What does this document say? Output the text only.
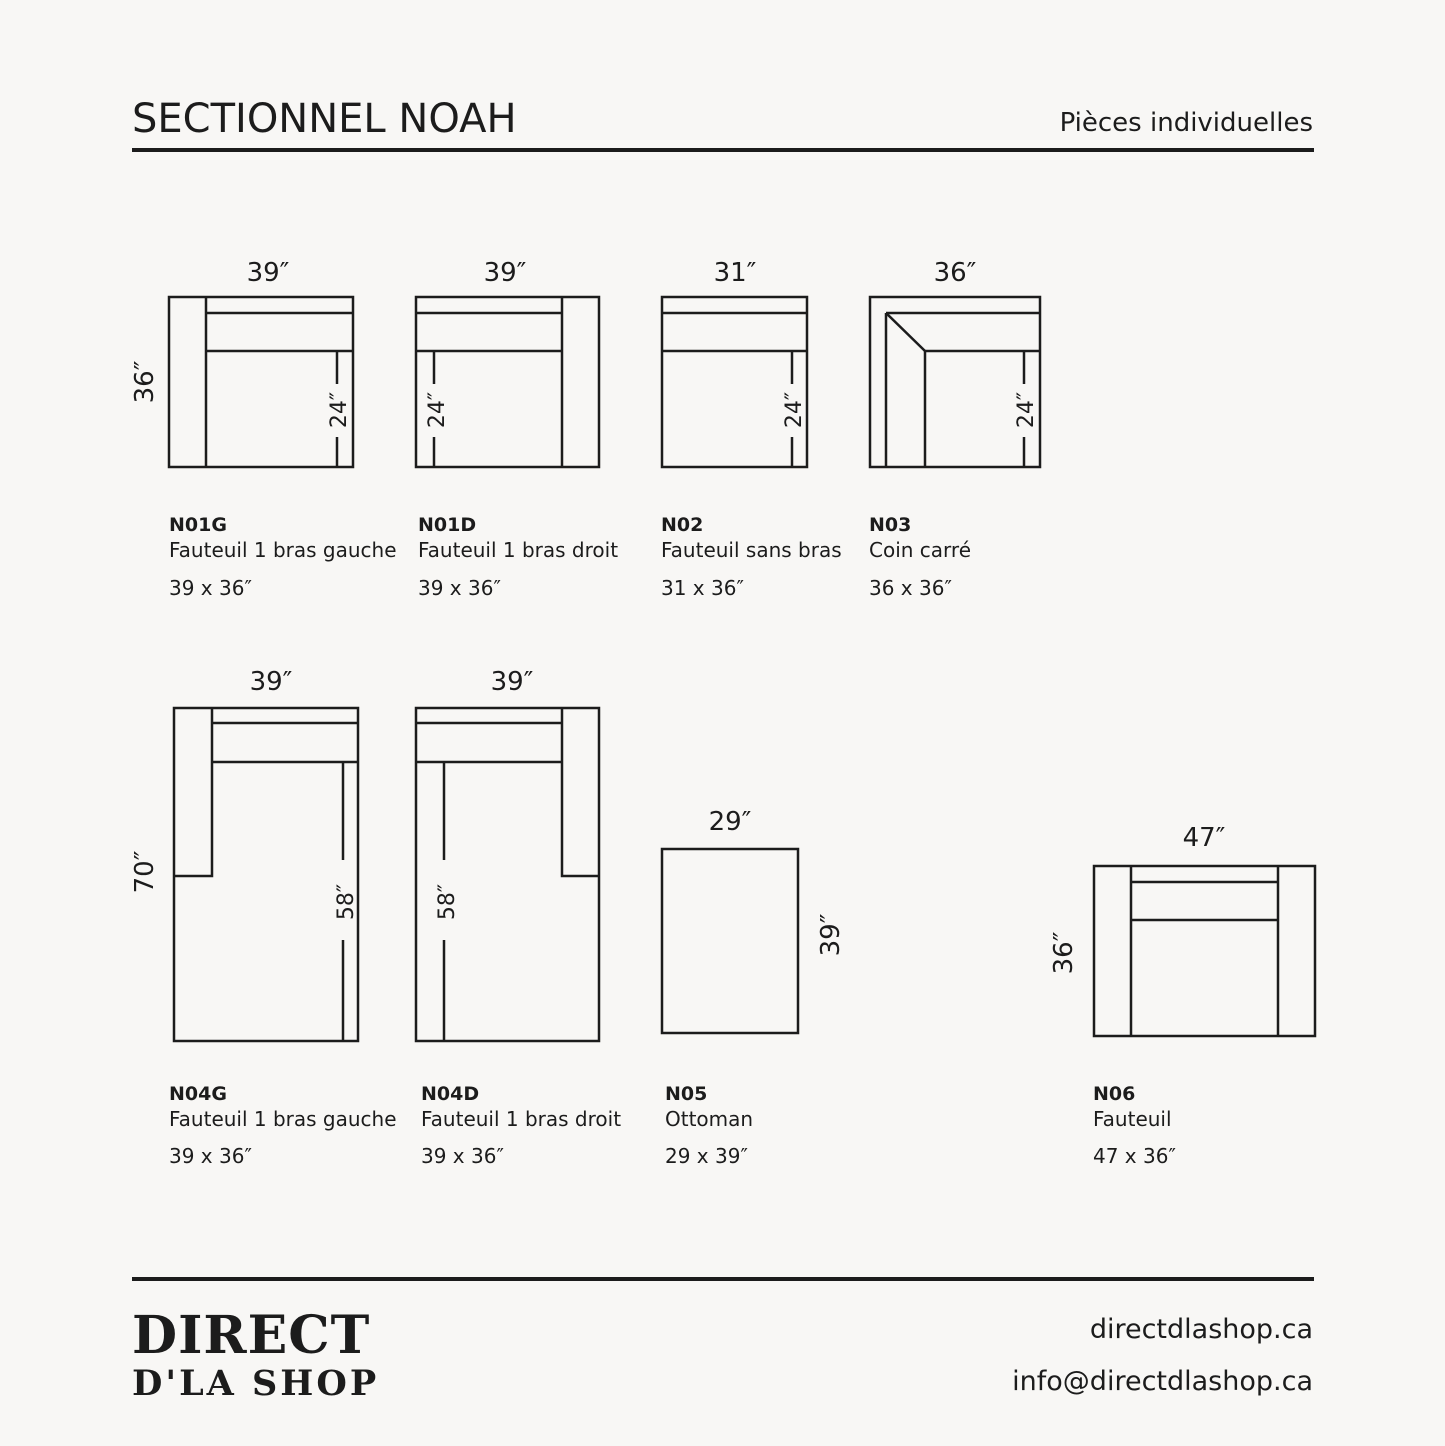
SECTIONNEL NOAH	Pièces individuelles
39″
36″
24″
39″
24″
31″
24″
36″
24″
39″
70″
58″
39″
58″
29″
39″
47″
36″
N01G
Fauteuil 1 bras gauche
39 x 36″
N01D
Fauteuil 1 bras droit
39 x 36″
N02
Fauteuil sans bras
31 x 36″
N03
Coin carré
36 x 36″
N04G
Fauteuil 1 bras gauche
39 x 36″
N04D
Fauteuil 1 bras droit
39 x 36″
N05
Ottoman
29 x 39″
N06
Fauteuil
47 x 36″
DIRECT
D'LA SHOP
directdlashop.ca
info@directdlashop.ca
